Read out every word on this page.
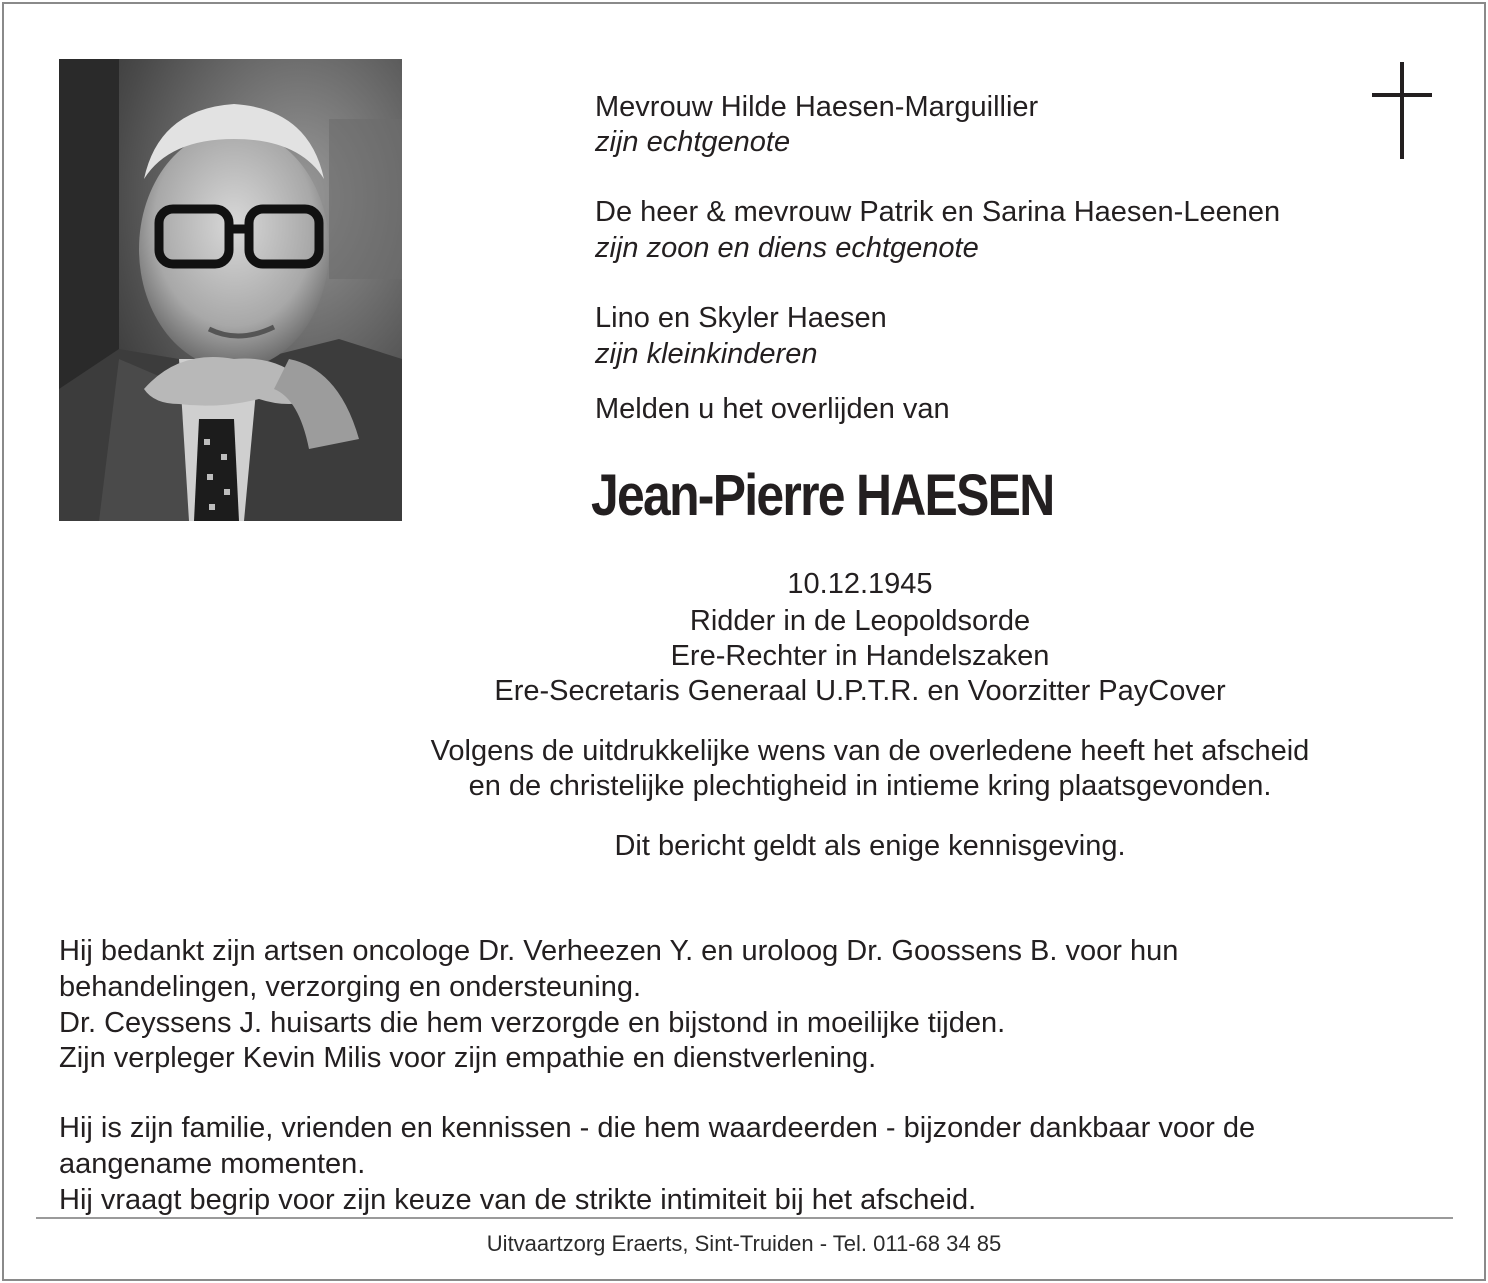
Mevrouw Hilde Haesen-Marguillier
zijn echtgenote
De heer & mevrouw Patrik en Sarina Haesen-Leenen
zijn zoon en diens echtgenote
Lino en Skyler Haesen
zijn kleinkinderen
Melden u het overlijden van
Jean-Pierre HAESEN
10.12.1945
Ridder in de Leopoldsorde
Ere-Rechter in Handelszaken
Ere-Secretaris Generaal U.P.T.R. en Voorzitter PayCover
Volgens de uitdrukkelijke wens van de overledene heeft het afscheid
en de christelijke plechtigheid in intieme kring plaatsgevonden.
Dit bericht geldt als enige kennisgeving.
Hij bedankt zijn artsen oncologe Dr. Verheezen Y. en uroloog Dr. Goossens B. voor hun
behandelingen, verzorging en ondersteuning.
Dr. Ceyssens J. huisarts die hem verzorgde en bijstond in moeilijke tijden.
Zijn verpleger Kevin Milis voor zijn empathie en dienstverlening.
Hij is zijn familie, vrienden en kennissen - die hem waardeerden - bijzonder dankbaar voor de
aangename momenten.
Hij vraagt begrip voor zijn keuze van de strikte intimiteit bij het afscheid.
Uitvaartzorg Eraerts, Sint-Truiden - Tel. 011-68 34 85
